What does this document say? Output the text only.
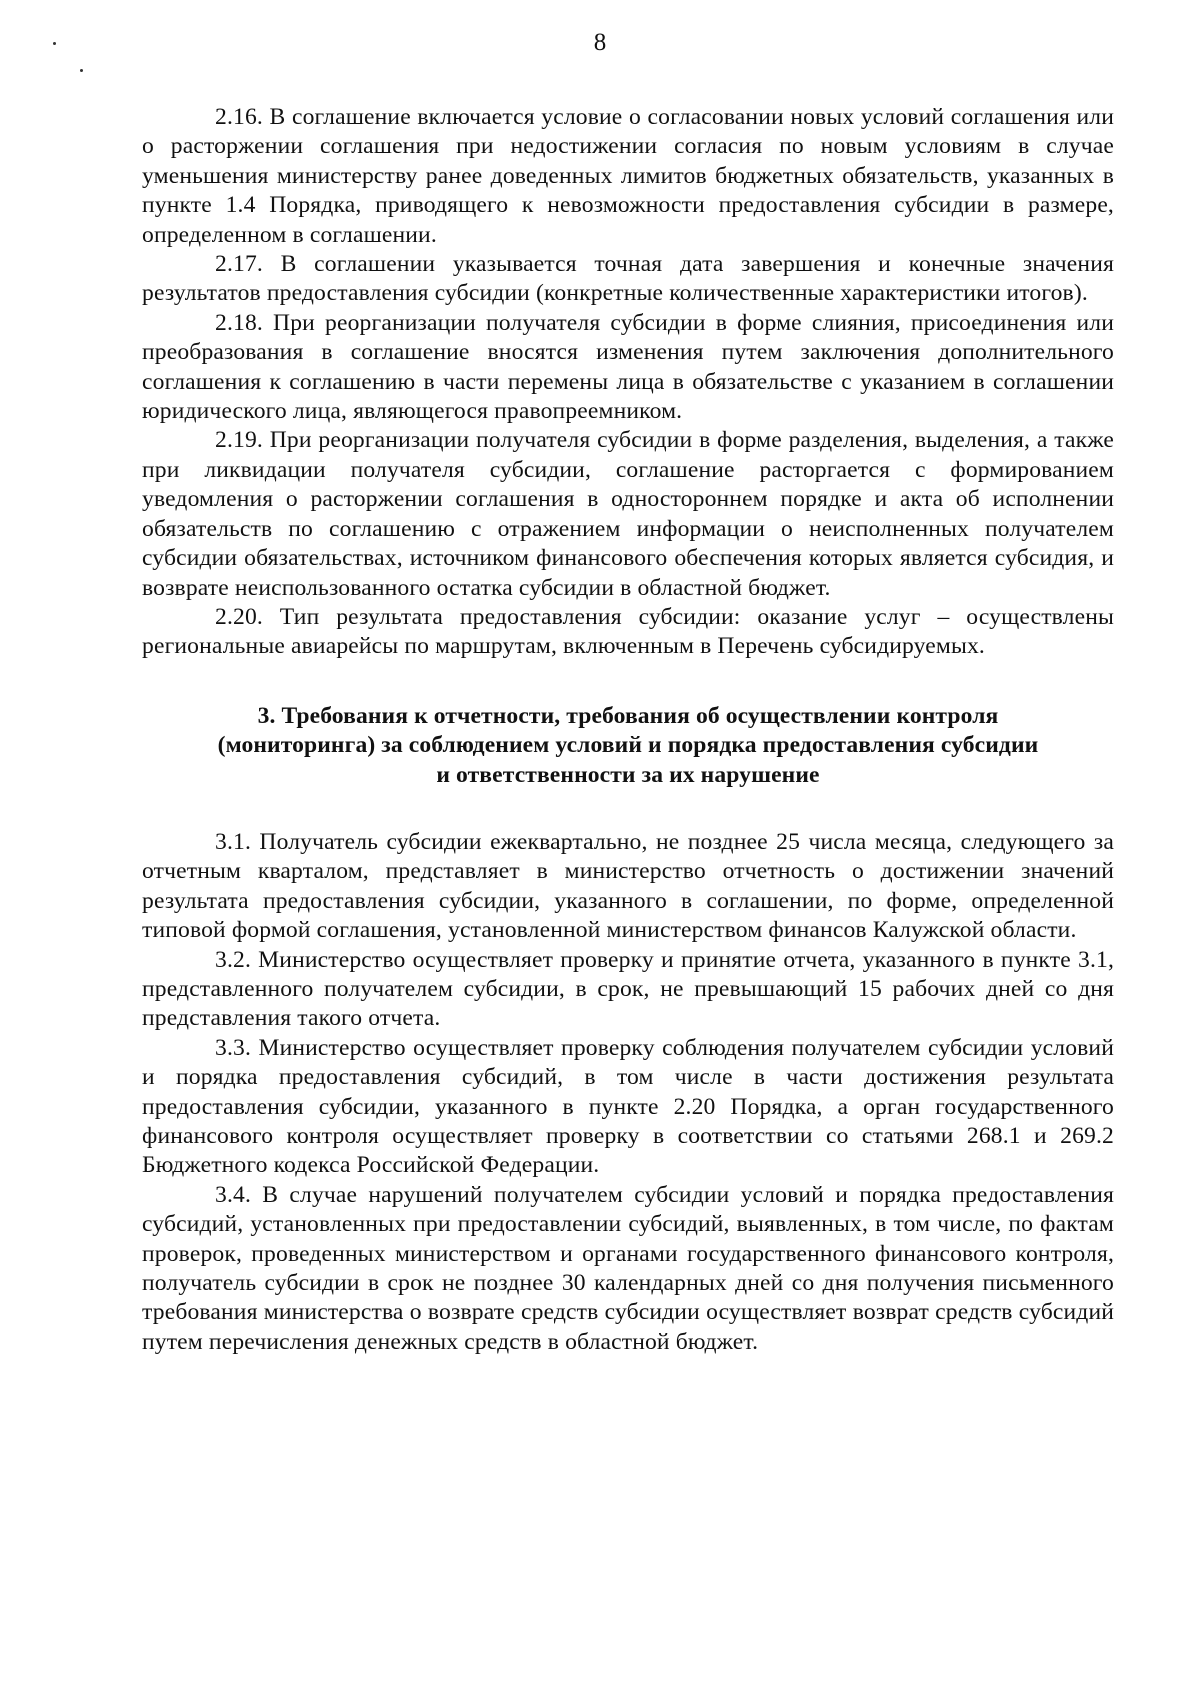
8

2.16. В соглашение включается условие о согласовании новых условий соглашения или о расторжении соглашения при недостижении согласия по новым условиям в случае уменьшения министерству ранее доведенных лимитов бюджетных обязательств, указанных в пункте 1.4 Порядка, приводящего к невозможности предоставления субсидии в размере, определенном в соглашении.

2.17. В соглашении указывается точная дата завершения и конечные значения результатов предоставления субсидии (конкретные количественные характеристики итогов).

2.18. При реорганизации получателя субсидии в форме слияния, присоединения или преобразования в соглашение вносятся изменения путем заключения дополнительного соглашения к соглашению в части перемены лица в обязательстве с указанием в соглашении юридического лица, являющегося правопреемником.

2.19. При реорганизации получателя субсидии в форме разделения, выделения, а также при ликвидации получателя субсидии, соглашение расторгается с формированием уведомления о расторжении соглашения в одностороннем порядке и акта об исполнении обязательств по соглашению с отражением информации о неисполненных получателем субсидии обязательствах, источником финансового обеспечения которых является субсидия, и возврате неиспользованного остатка субсидии в областной бюджет.

2.20. Тип результата предоставления субсидии: оказание услуг – осуществлены региональные авиарейсы по маршрутам, включенным в Перечень субсидируемых.

3. Требования к отчетности, требования об осуществлении контроля
(мониторинга) за соблюдением условий и порядка предоставления субсидии
и ответственности за их нарушение

3.1. Получатель субсидии ежеквартально, не позднее 25 числа месяца, следующего за отчетным кварталом, представляет в министерство отчетность о достижении значений результата предоставления субсидии, указанного в соглашении, по форме, определенной типовой формой соглашения, установленной министерством финансов Калужской области.

3.2. Министерство осуществляет проверку и принятие отчета, указанного в пункте 3.1, представленного получателем субсидии, в срок, не превышающий 15 рабочих дней со дня представления такого отчета.

3.3. Министерство осуществляет проверку соблюдения получателем субсидии условий и порядка предоставления субсидий, в том числе в части достижения результата предоставления субсидии, указанного в пункте 2.20 Порядка, а орган государственного финансового контроля осуществляет проверку в соответствии со статьями 268.1 и 269.2 Бюджетного кодекса Российской Федерации.

3.4. В случае нарушений получателем субсидии условий и порядка предоставления субсидий, установленных при предоставлении субсидий, выявленных, в том числе, по фактам проверок, проведенных министерством и органами государственного финансового контроля, получатель субсидии в срок не позднее 30 календарных дней со дня получения письменного требования министерства о возврате средств субсидии осуществляет возврат средств субсидий путем перечисления денежных средств в областной бюджет.
